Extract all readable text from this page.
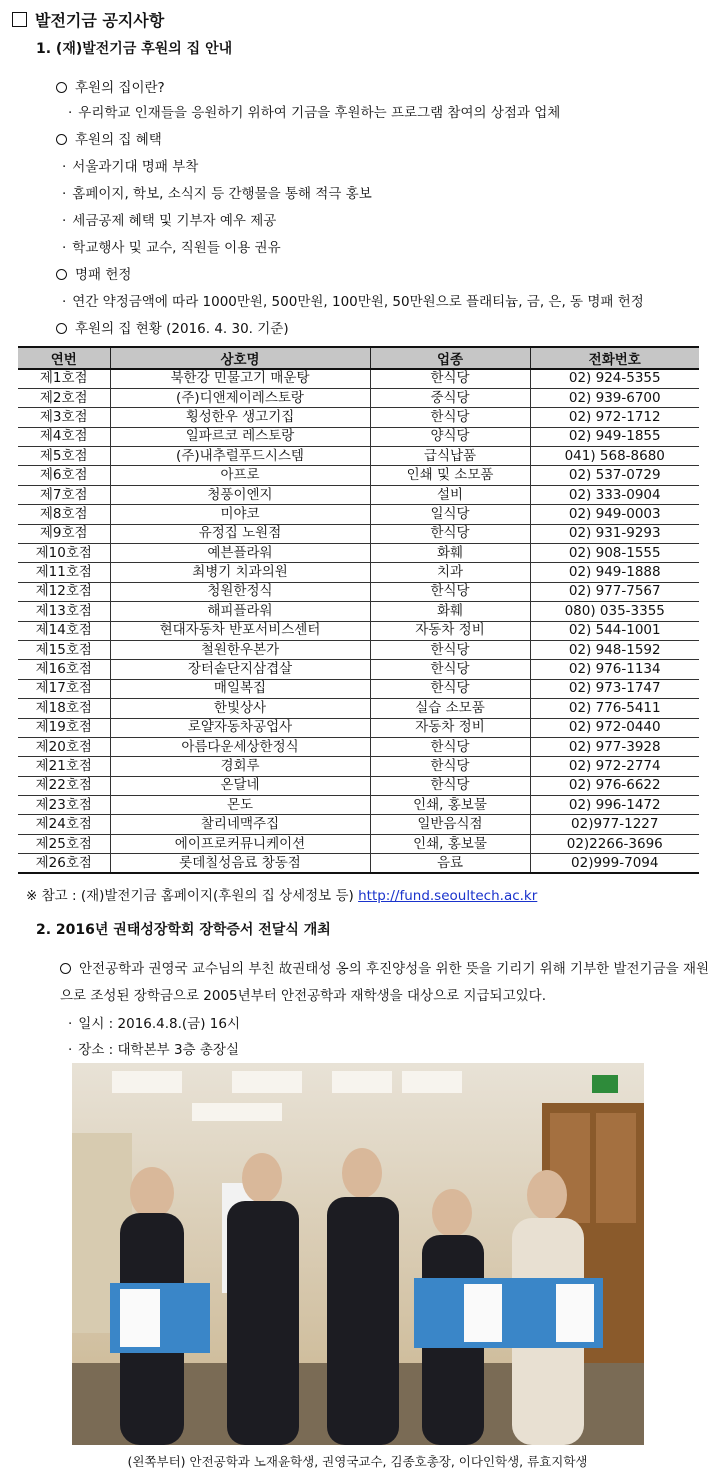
발전기금 공지사항
1. (재)발전기금 후원의 집 안내
후원의 집이란?
· 우리학교 인재들을 응원하기 위하여 기금을 후원하는 프로그램 참여의 상점과 업체
후원의 집 혜택
· 서울과기대 명패 부착
· 홈페이지, 학보, 소식지 등 간행물을 통해 적극 홍보
· 세금공제 혜택 및 기부자 예우 제공
· 학교행사 및 교수, 직원들 이용 권유
명패 헌정
· 연간 약정금액에 따라 1000만원, 500만원, 100만원, 50만원으로 플래티늄, 금, 은, 동 명패 헌정
후원의 집 현황 (2016. 4. 30. 기준)
연번	상호명	업종	전화번호
제1호점	북한강 민물고기 매운탕	한식당	02) 924-5355
제2호점	(주)디앤제이레스토랑	중식당	02) 939-6700
제3호점	횡성한우 생고기집	한식당	02) 972-1712
제4호점	일파르코 레스토랑	양식당	02) 949-1855
제5호점	(주)내추럴푸드시스템	급식납품	041) 568-8680
제6호점	아프로	인쇄 및 소모품	02) 537-0729
제7호점	청풍이엔지	설비	02) 333-0904
제8호점	미야코	일식당	02) 949-0003
제9호점	유정집 노원점	한식당	02) 931-9293
제10호점	예븐플라워	화훼	02) 908-1555
제11호점	최병기 치과의원	치과	02) 949-1888
제12호점	청원한정식	한식당	02) 977-7567
제13호점	해피플라워	화훼	080) 035-3355
제14호점	현대자동차 반포서비스센터	자동차 정비	02) 544-1001
제15호점	철원한우본가	한식당	02) 948-1592
제16호점	장터솥단지삼겹살	한식당	02) 976-1134
제17호점	매일복집	한식당	02) 973-1747
제18호점	한빛상사	실습 소모품	02) 776-5411
제19호점	로얄자동차공업사	자동차 정비	02) 972-0440
제20호점	아름다운세상한정식	한식당	02) 977-3928
제21호점	경회루	한식당	02) 972-2774
제22호점	온달네	한식당	02) 976-6622
제23호점	몬도	인쇄, 홍보물	02) 996-1472
제24호점	찰리네맥주집	일반음식점	02)977-1227
제25호점	에이프로커뮤니케이션	인쇄, 홍보물	02)2266-3696
제26호점	롯데칠성음료 창동점	음료	02)999-7094
※ 참고 : (재)발전기금 홈페이지(후원의 집 상세정보 등) http://fund.seoultech.ac.kr
2. 2016년 권태성장학회 장학증서 전달식 개최
안전공학과 권영국 교수님의 부친 故권태성 옹의 후진양성을 위한 뜻을 기리기 위해 기부한 발전기금을 재원으로 조성된 장학금으로 2005년부터 안전공학과 재학생을 대상으로 지급되고있다.
· 일시 : 2016.4.8.(금) 16시
· 장소 : 대학본부 3층 총장실
(왼쪽부터) 안전공학과 노재윤학생, 권영국교수, 김종호총장, 이다인학생, 류효지학생
